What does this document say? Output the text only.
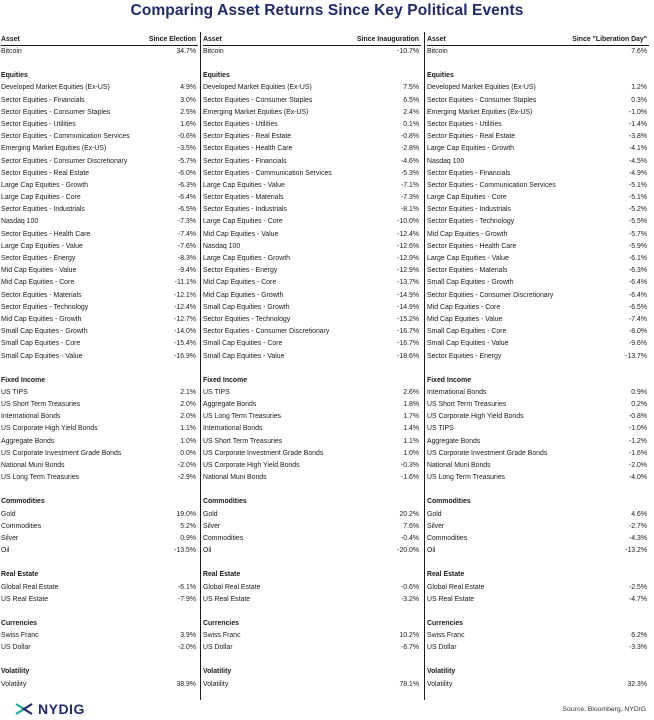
Comparing Asset Returns Since Key Political Events
Asset	Since Election
Bitcoin	34.7%
Equities
Developed Market Equities (Ex-US)	4.9%
Sector Equities - Financials	3.0%
Sector Equities - Consumer Staples	2.5%
Sector Equities - Utilities	1.6%
Sector Equities - Communication Services	-0.6%
Emerging Market Equities (Ex-US)	-3.5%
Sector Equities - Consumer Discretionary	-5.7%
Sector Equities - Real Estate	-6.0%
Large Cap Equities - Growth	-6.3%
Large Cap Equities - Core	-6.4%
Sector Equities - Industrials	-6.5%
Nasdaq 100	-7.3%
Sector Equities - Health Care	-7.4%
Large Cap Equities - Value	-7.6%
Sector Equities - Energy	-8.3%
Mid Cap Equities - Value	-9.4%
Mid Cap Equities - Core	-11.1%
Sector Equities - Materials	-12.1%
Sector Equities - Technology	-12.4%
Mid Cap Equities - Growth	-12.7%
Small Cap Equities - Growth	-14.0%
Small Cap Equities - Core	-15.4%
Small Cap Equities - Value	-16.9%
Fixed Income
US TIPS	2.1%
US Short Term Treasuries	2.0%
International Bonds	2.0%
US Corporate High Yield Bonds	1.1%
Aggregate Bonds	1.0%
US Corporate Investment Grade Bonds	0.0%
National Muni Bonds	-2.0%
US Long Term Treasuries	-2.9%
Commodities
Gold	19.0%
Commodities	5.2%
Silver	0.9%
Oil	-13.5%
Real Estate
Global Real Estate	-6.1%
US Real Estate	-7.9%
Currencies
Swiss Franc	3.9%
US Dollar	-2.0%
Volatility
Volatility	38.9%
Asset	Since Inauguration
Bitcoin	-10.7%
Equities
Developed Market Equities (Ex-US)	7.5%
Sector Equities - Consumer Staples	6.5%
Emerging Market Equities (Ex-US)	2.4%
Sector Equities - Utilities	0.1%
Sector Equities - Real Estate	-0.8%
Sector Equities - Health Care	-2.8%
Sector Equities - Financials	-4.6%
Sector Equities - Communication Services	-5.3%
Large Cap Equities - Value	-7.1%
Sector Equities - Materials	-7.3%
Sector Equities - Industrials	-8.1%
Large Cap Equities - Core	-10.0%
Mid Cap Equities - Value	-12.4%
Nasdaq 100	-12.6%
Large Cap Equities - Growth	-12.9%
Sector Equities - Energy	-12.9%
Mid Cap Equities - Core	-13.7%
Mid Cap Equities - Growth	-14.9%
Small Cap Equities - Growth	-14.9%
Sector Equities - Technology	-15.2%
Sector Equities - Consumer Discretionary	-16.7%
Small Cap Equities - Core	-16.7%
Small Cap Equities - Value	-18.6%
Fixed Income
US TIPS	2.6%
Aggregate Bonds	1.8%
US Long Term Treasuries	1.7%
International Bonds	1.4%
US Short Term Treasuries	1.1%
US Corporate Investment Grade Bonds	1.0%
US Corporate High Yield Bonds	-0.3%
National Muni Bonds	-1.6%
Commodities
Gold	20.2%
Silver	7.6%
Commodities	-0.4%
Oil	-20.0%
Real Estate
Global Real Estate	-0.6%
US Real Estate	-3.2%
Currencies
Swiss Franc	10.2%
US Dollar	-6.7%
Volatility
Volatility	78.1%
Asset	Since "Liberation Day"
Bitcoin	7.6%
Equities
Developed Market Equities (Ex-US)	1.2%
Sector Equities - Consumer Staples	0.3%
Emerging Market Equities (Ex-US)	-1.0%
Sector Equities - Utilities	-1.4%
Sector Equities - Real Estate	-3.8%
Large Cap Equities - Growth	-4.1%
Nasdaq 100	-4.5%
Sector Equities - Financials	-4.9%
Sector Equities - Communication Services	-5.1%
Large Cap Equities - Core	-5.1%
Sector Equities - Industrials	-5.2%
Sector Equities - Technology	-5.5%
Mid Cap Equities - Growth	-5.7%
Sector Equities - Health Care	-5.9%
Large Cap Equities - Value	-6.1%
Sector Equities - Materials	-6.3%
Small Cap Equities - Growth	-6.4%
Sector Equities - Consumer Discretionary	-6.4%
Mid Cap Equities - Core	-6.5%
Mid Cap Equities - Value	-7.4%
Small Cap Equities - Core	-8.0%
Small Cap Equities - Value	-9.6%
Sector Equities - Energy	-13.7%
Fixed Income
International Bonds	0.9%
US Short Term Treasuries	0.2%
US Corporate High Yield Bonds	-0.8%
US TIPS	-1.0%
Aggregate Bonds	-1.2%
US Corporate Investment Grade Bonds	-1.6%
National Muni Bonds	-2.0%
US Long Term Treasuries	-4.0%
Commodities
Gold	4.6%
Silver	-2.7%
Commodities	-4.3%
Oil	-13.2%
Real Estate
Global Real Estate	-2.5%
US Real Estate	-4.7%
Currencies
Swiss Franc	6.2%
US Dollar	-3.3%
Volatility
Volatility	32.3%
NYDIG	Source: Bloomberg, NYDIG
